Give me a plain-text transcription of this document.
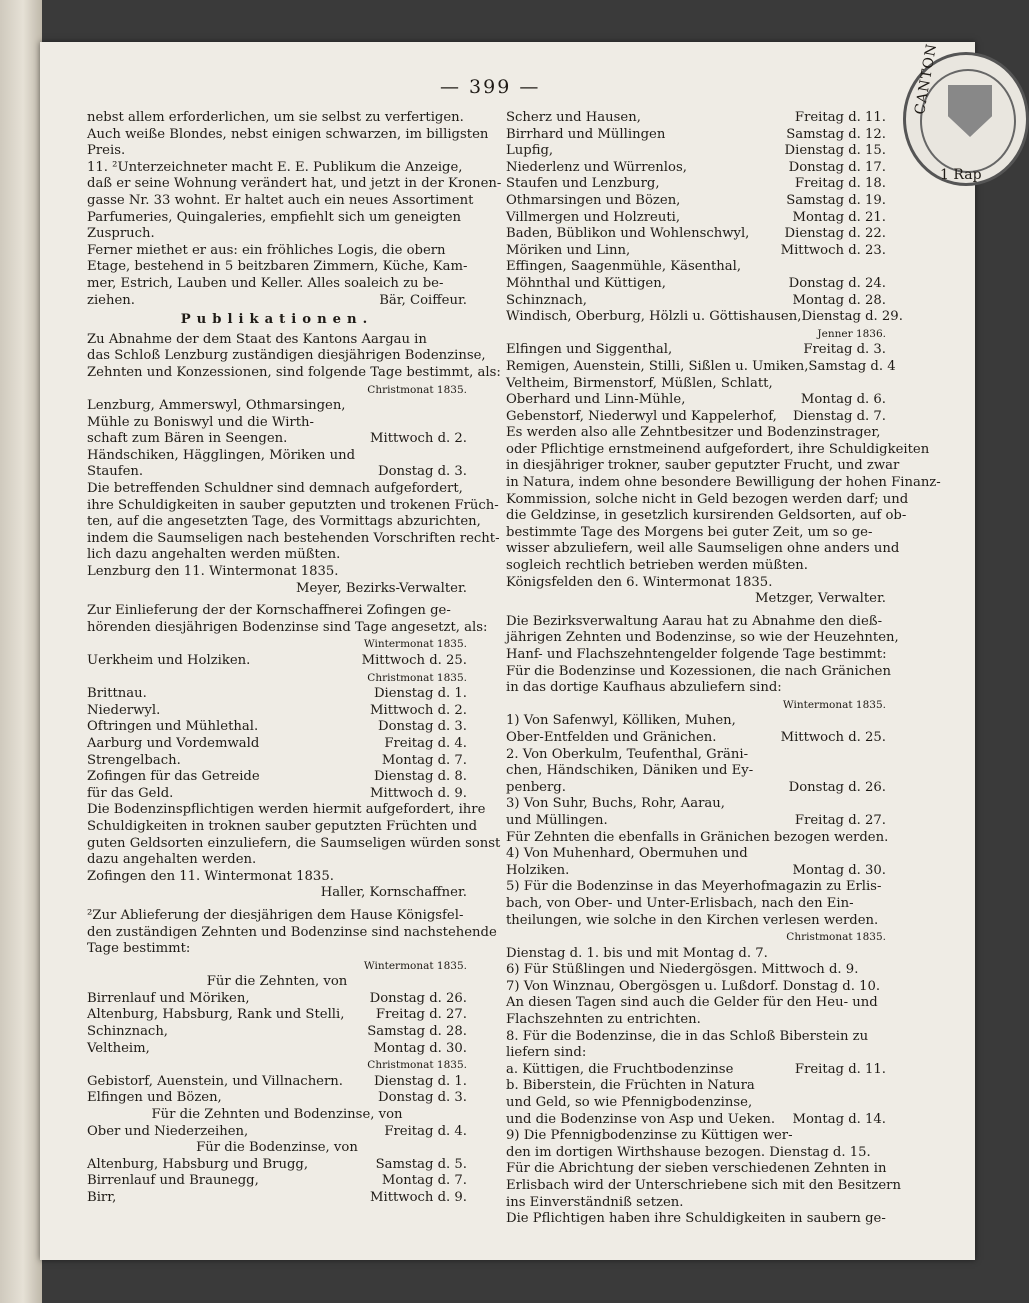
CANTON
1 Rap
— 399 —
nebst allem erforderlichen, um sie selbst zu verfertigen.
Auch weiße Blondes, nebst einigen schwarzen, im billigsten
Preis.
11. ²Unterzeichneter macht E. E. Publikum die Anzeige,
daß er seine Wohnung verändert hat, und jetzt in der Kronen-
gasse Nr. 33 wohnt. Er haltet auch ein neues Assortiment
Parfumeries, Quingaleries, empfiehlt sich um geneigten
Zuspruch.
Ferner miethet er aus: ein fröhliches Logis, die obern
Etage, bestehend in 5 beitzbaren Zimmern, Küche, Kam-
mer, Estrich, Lauben und Keller. Alles soaleich zu be-
ziehen.	Bär, Coiffeur.
Publikationen.
Zu Abnahme der dem Staat des Kantons Aargau in
das Schloß Lenzburg zuständigen diesjährigen Bodenzinse,
Zehnten und Konzessionen, sind folgende Tage bestimmt, als:
Christmonat 1835.
Lenzburg, Ammerswyl, Othmarsingen,
Mühle zu Boniswyl und die Wirth-
schaft zum Bären in Seengen.	Mittwoch d. 2.
Händschiken, Hägglingen, Möriken und
Staufen.	Donstag d. 3.
Die betreffenden Schuldner sind demnach aufgefordert,
ihre Schuldigkeiten in sauber geputzten und trokenen Früch-
ten, auf die angesetzten Tage, des Vormittags abzurichten,
indem die Saumseligen nach bestehenden Vorschriften recht-
lich dazu angehalten werden müßten.
Lenzburg den 11. Wintermonat 1835.
Meyer, Bezirks-Verwalter.
Zur Einlieferung der der Kornschaffnerei Zofingen ge-
hörenden diesjährigen Bodenzinse sind Tage angesetzt, als:
Wintermonat 1835.
Uerkheim und Holziken.	Mittwoch d. 25.
Christmonat 1835.
Brittnau.	Dienstag d. 1.
Niederwyl.	Mittwoch d. 2.
Oftringen und Mühlethal.	Donstag d. 3.
Aarburg und Vordemwald	Freitag d. 4.
Strengelbach.	Montag d. 7.
Zofingen für das Getreide	Dienstag d. 8.
für das Geld.	Mittwoch d. 9.
Die Bodenzinspflichtigen werden hiermit aufgefordert, ihre
Schuldigkeiten in troknen sauber geputzten Früchten und
guten Geldsorten einzuliefern, die Saumseligen würden sonst
dazu angehalten werden.
Zofingen den 11. Wintermonat 1835.
Haller, Kornschaffner.
²Zur Ablieferung der diesjährigen dem Hause Königsfel-
den zuständigen Zehnten und Bodenzinse sind nachstehende
Tage bestimmt:
Wintermonat 1835.
Für die Zehnten, von
Birrenlauf und Möriken,	Donstag d. 26.
Altenburg, Habsburg, Rank und Stelli, Freitag d. 27.
Schinznach,	Samstag d. 28.
Veltheim,	Montag d. 30.
Christmonat 1835.
Gebistorf, Auenstein, und Villnachern. Dienstag d. 1.
Elfingen und Bözen,	Donstag d. 3.
Für die Zehnten und Bodenzinse, von
Ober und Niederzeihen,	Freitag d. 4.
Für die Bodenzinse, von
Altenburg, Habsburg und Brugg,	Samstag d. 5.
Birrenlauf und Braunegg,	Montag d. 7.
Birr,	Mittwoch d. 9.
Scherz und Hausen,	Freitag d. 11.
Birrhard und Müllingen	Samstag d. 12.
Lupfig,	Dienstag d. 15.
Niederlenz und Würrenlos,	Donstag d. 17.
Staufen und Lenzburg,	Freitag d. 18.
Othmarsingen und Bözen,	Samstag d. 19.
Villmergen und Holzreuti,	Montag d. 21.
Baden, Büblikon und Wohlenschwyl,	Dienstag d. 22.
Möriken und Linn,	Mittwoch d. 23.
Effingen, Saagenmühle, Käsenthal,
Möhnthal und Küttigen,	Donstag d. 24.
Schinznach,	Montag d. 28.
Windisch, Oberburg, Hölzli u. Göttishausen, Dienstag d. 29.
Jenner 1836.
Elfingen und Siggenthal,	Freitag d. 3.
Remigen, Auenstein, Stilli, Sißlen u. Umiken, Samstag d. 4
Veltheim, Birmenstorf, Müßlen, Schlatt,
Oberhard und Linn-Mühle,	Montag d. 6.
Gebenstorf, Niederwyl und Kappelerhof, Dienstag d. 7.
Es werden also alle Zehntbesitzer und Bodenzinstrager,
oder Pflichtige ernstmeinend aufgefordert, ihre Schuldigkeiten
in diesjähriger trokner, sauber geputzter Frucht, und zwar
in Natura, indem ohne besondere Bewilligung der hohen Finanz-
Kommission, solche nicht in Geld bezogen werden darf; und
die Geldzinse, in gesetzlich kursirenden Geldsorten, auf ob-
bestimmte Tage des Morgens bei guter Zeit, um so ge-
wisser abzuliefern, weil alle Saumseligen ohne anders und
sogleich rechtlich betrieben werden müßten.
Königsfelden den 6. Wintermonat 1835.
Metzger, Verwalter.
Die Bezirksverwaltung Aarau hat zu Abnahme den dieß-
jährigen Zehnten und Bodenzinse, so wie der Heuzehnten,
Hanf- und Flachszehntengelder folgende Tage bestimmt:
Für die Bodenzinse und Kozessionen, die nach Gränichen
in das dortige Kaufhaus abzuliefern sind:
Wintermonat 1835.
1) Von Safenwyl, Kölliken, Muhen,
Ober-Entfelden und Gränichen.	Mittwoch d. 25.
2. Von Oberkulm, Teufenthal, Gräni-
chen, Händschiken, Däniken und Ey-
penberg.	Donstag d. 26.
3) Von Suhr, Buchs, Rohr, Aarau,
und Müllingen.	Freitag d. 27.
Für Zehnten die ebenfalls in Gränichen bezogen werden.
4) Von Muhenhard, Obermuhen und
Holziken.	Montag d. 30.
5) Für die Bodenzinse in das Meyerhofmagazin zu Erlis-
bach, von Ober- und Unter-Erlisbach, nach den Ein-
theilungen, wie solche in den Kirchen verlesen werden.
Christmonat 1835.
Dienstag d. 1. bis und mit Montag d. 7.
6) Für Stüßlingen und Niedergösgen. Mittwoch d. 9.
7) Von Winznau, Obergösgen u. Lußdorf. Donstag d. 10.
An diesen Tagen sind auch die Gelder für den Heu- und
Flachszehnten zu entrichten.
8. Für die Bodenzinse, die in das Schloß Biberstein zu
liefern sind:
a. Küttigen, die Fruchtbodenzinse	Freitag d. 11.
b. Biberstein, die Früchten in Natura
und Geld, so wie Pfennigbodenzinse,
und die Bodenzinse von Asp und Ueken. Montag d. 14.
9) Die Pfennigbodenzinse zu Küttigen wer-
den im dortigen Wirthshause bezogen. Dienstag d. 15.
Für die Abrichtung der sieben verschiedenen Zehnten in
Erlisbach wird der Unterschriebene sich mit den Besitzern
ins Einverständniß setzen.
Die Pflichtigen haben ihre Schuldigkeiten in saubern ge-
